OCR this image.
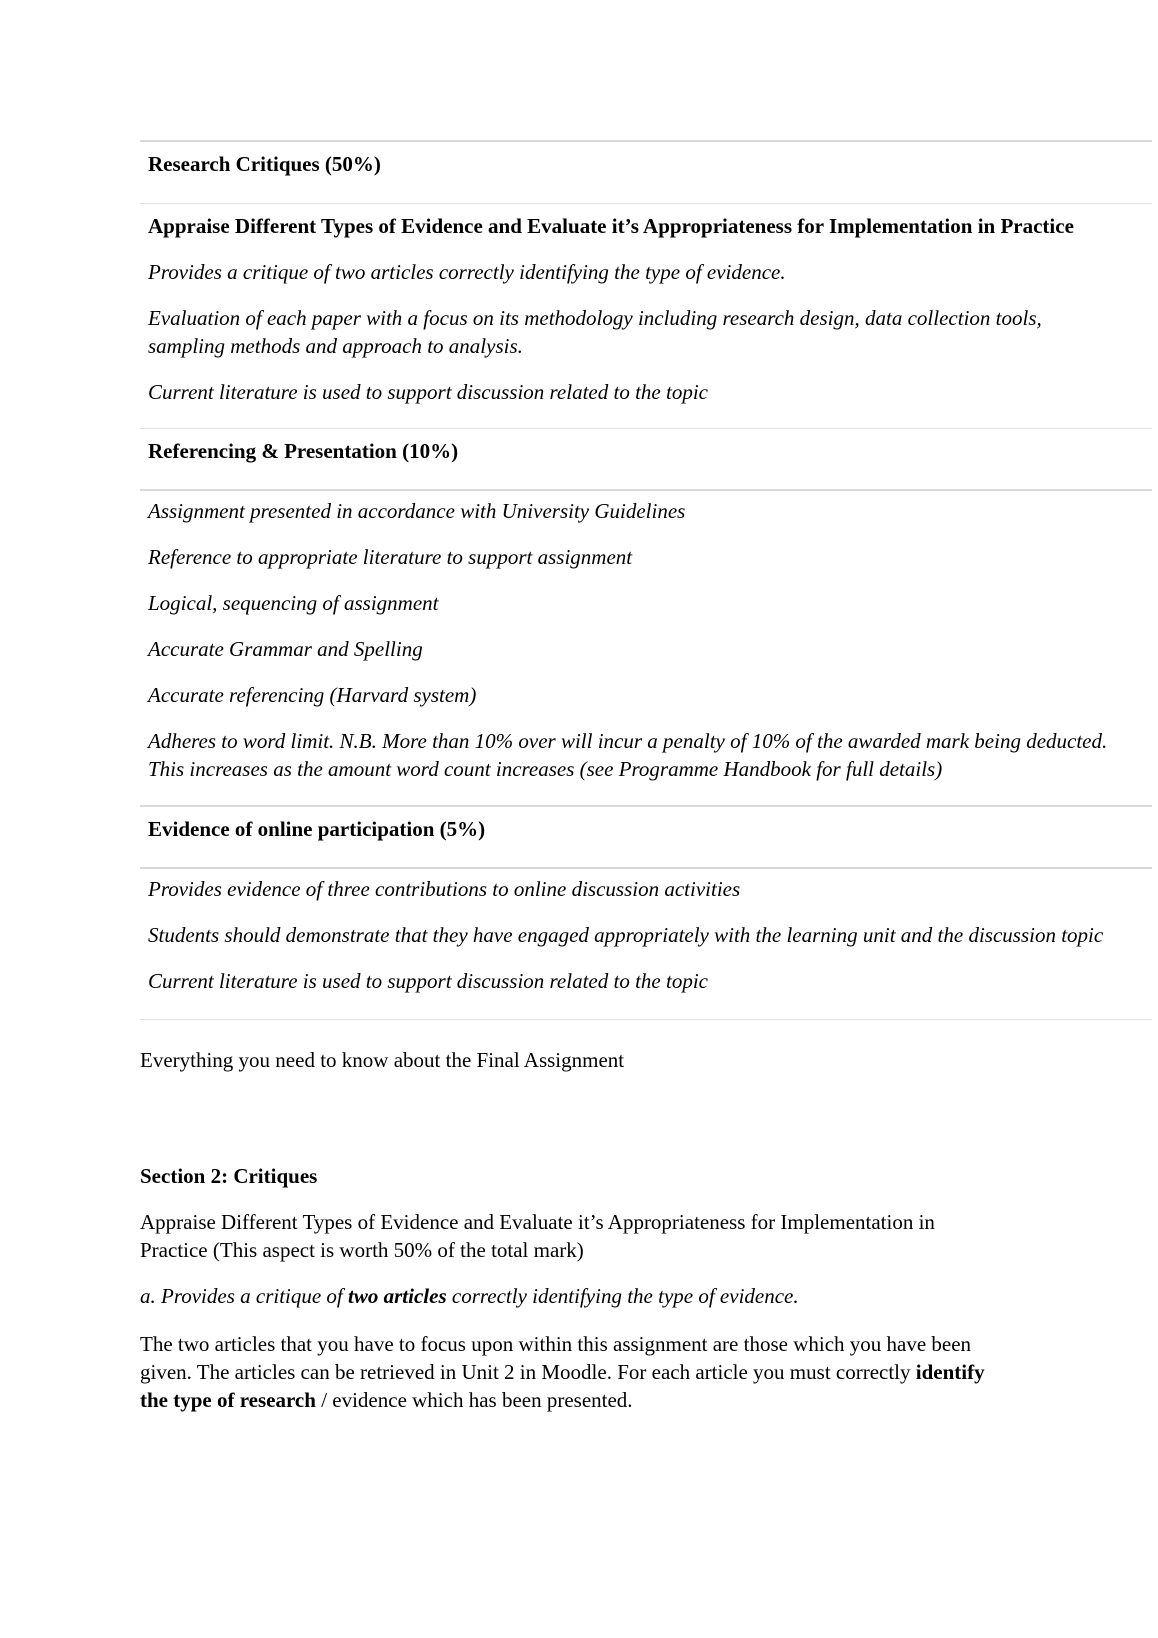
Research Critiques (50%)

Appraise Different Types of Evidence and Evaluate it’s Appropriateness for Implementation in Practice

Provides a critique of two articles correctly identifying the type of evidence.

Evaluation of each paper with a focus on its methodology including research design, data collection tools,

sampling methods and approach to analysis.

Current literature is used to support discussion related to the topic

Referencing & Presentation (10%)

Assignment presented in accordance with University Guidelines

Reference to appropriate literature to support assignment

Logical, sequencing of assignment

Accurate Grammar and Spelling

Accurate referencing (Harvard system)

Adheres to word limit. N.B. More than 10% over will incur a penalty of 10% of the awarded mark being deducted.

This increases as the amount word count increases (see Programme Handbook for full details)

Evidence of online participation (5%)

Provides evidence of three contributions to online discussion activities

Students should demonstrate that they have engaged appropriately with the learning unit and the discussion topic

Current literature is used to support discussion related to the topic

Everything you need to know about the Final Assignment

Section 2: Critiques

Appraise Different Types of Evidence and Evaluate it’s Appropriateness for Implementation in
Practice (This aspect is worth 50% of the total mark)

a. Provides a critique of two articles correctly identifying the type of evidence.

The two articles that you have to focus upon within this assignment are those which you have been
given. The articles can be retrieved in Unit 2 in Moodle. For each article you must correctly identify
the type of research / evidence which has been presented.
